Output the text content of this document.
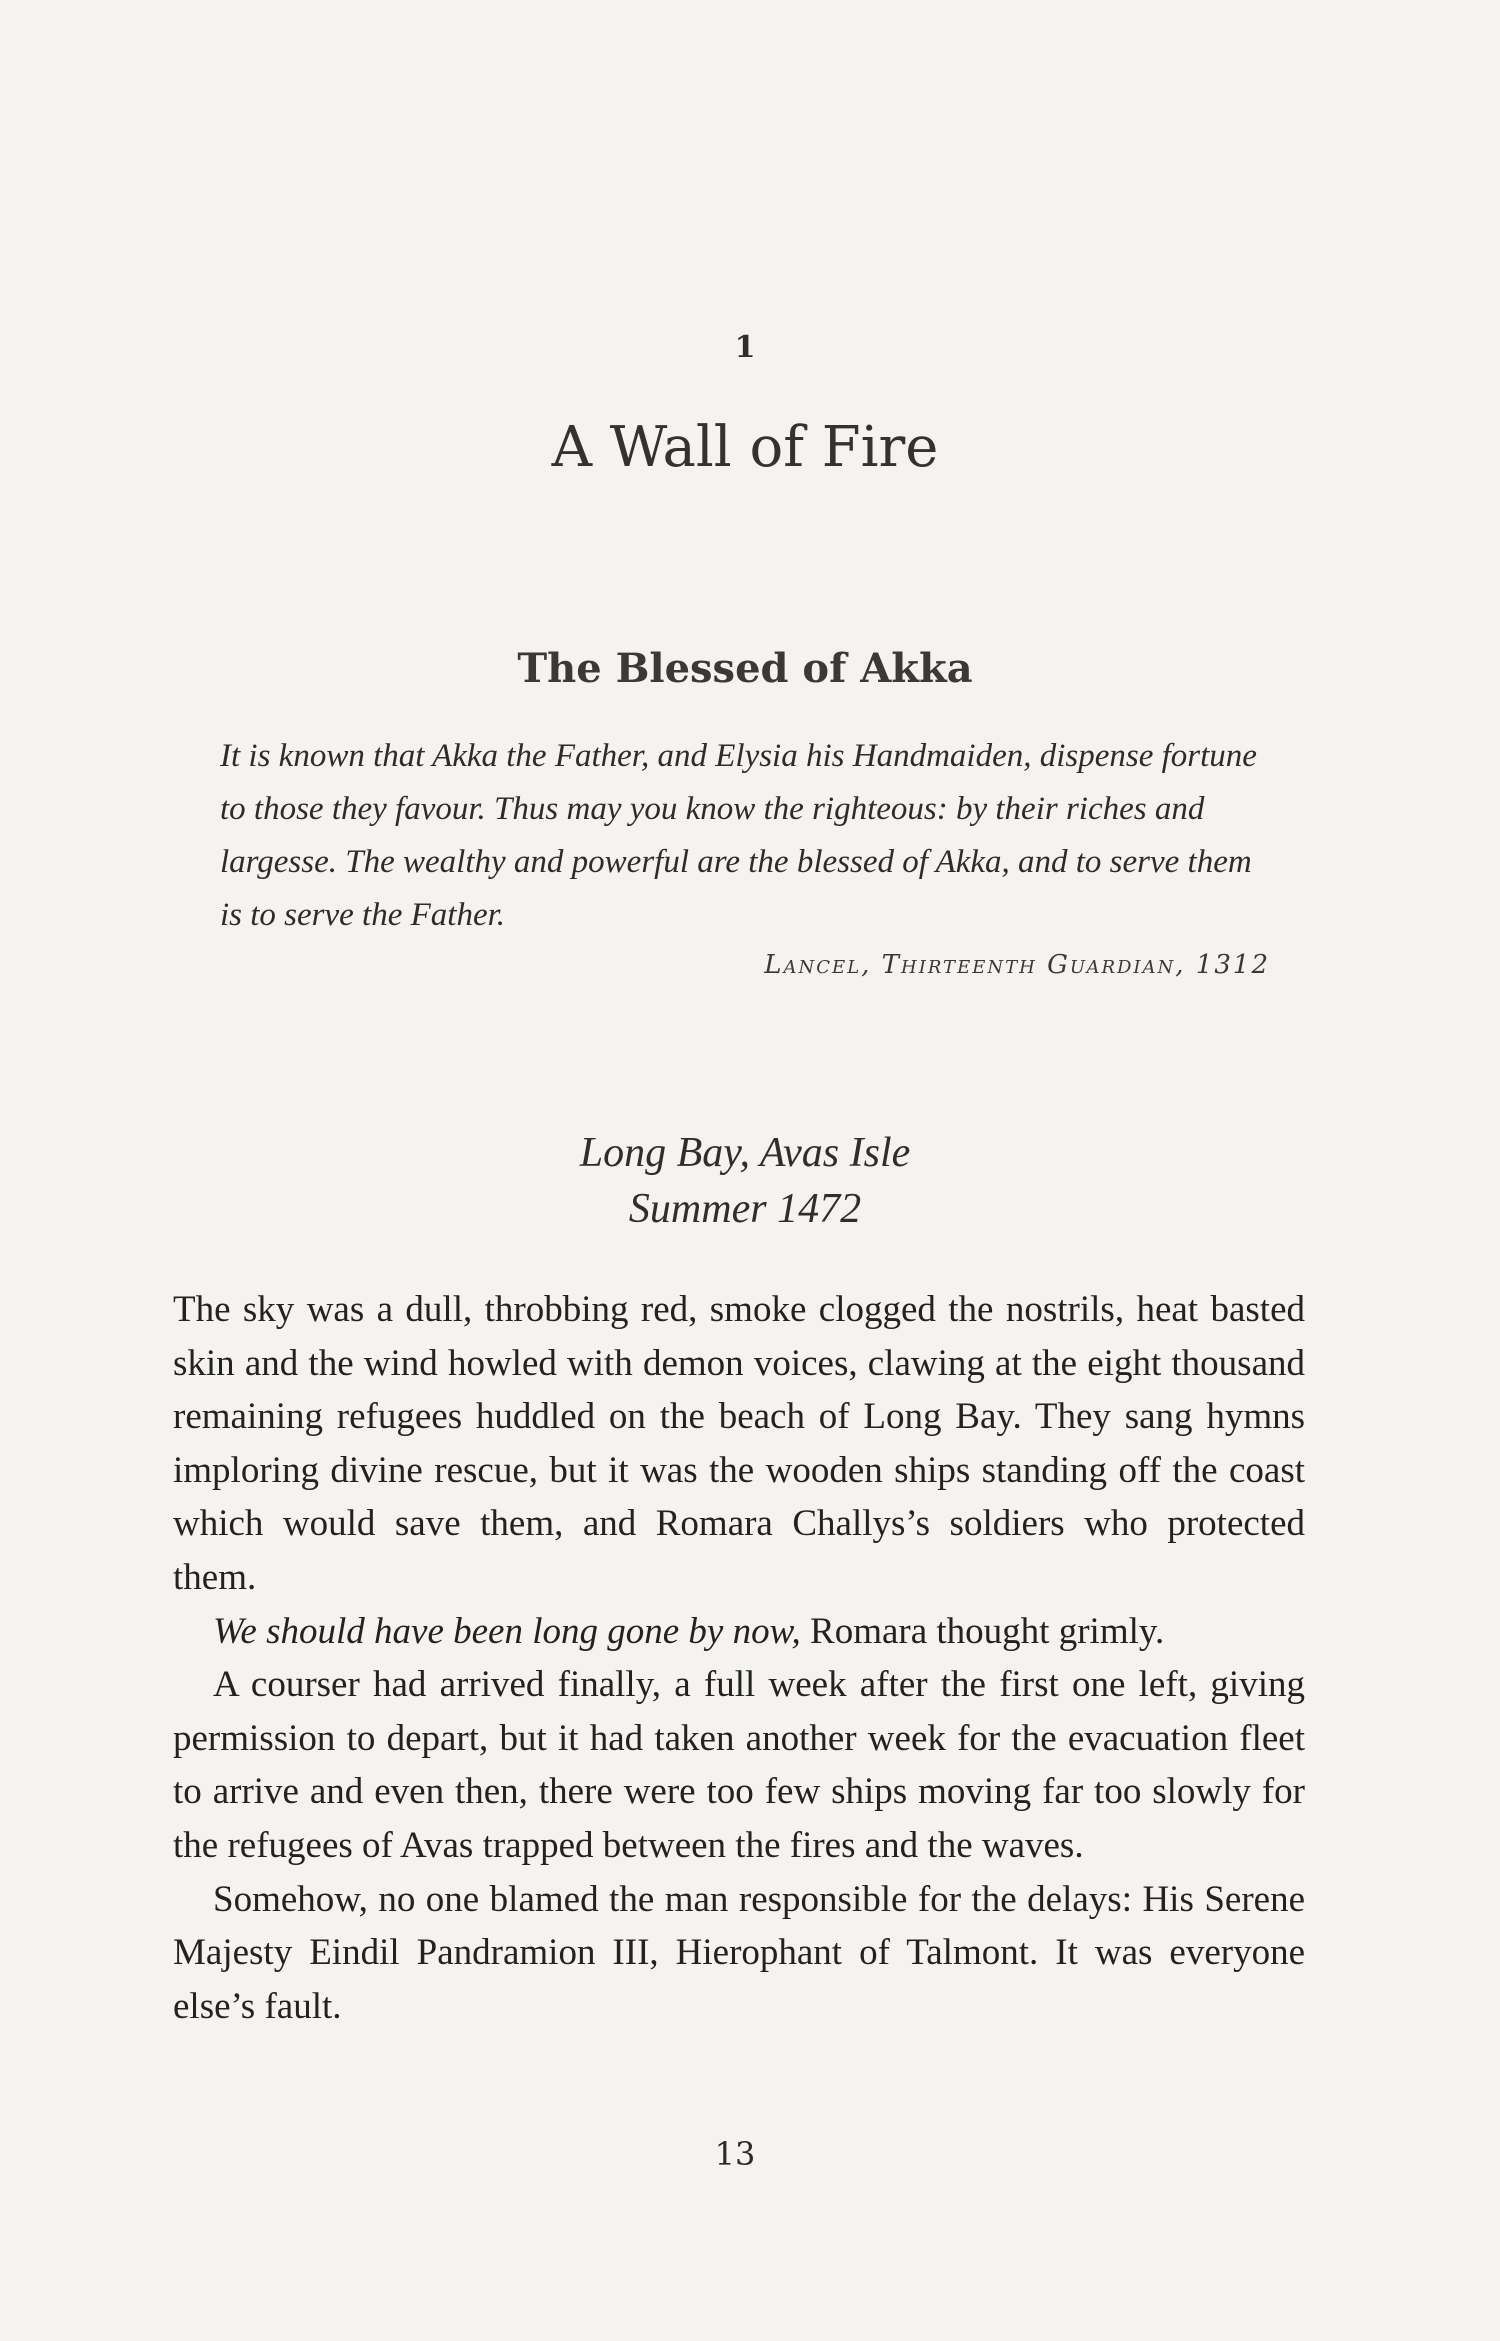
1
A Wall of Fire
The Blessed of Akka

It is known that Akka the Father, and Elysia his Handmaiden, dispense fortune to those they favour. Thus may you know the righteous: by their riches and largesse. The wealthy and powerful are the blessed of Akka, and to serve them is to serve the Father.

Lancel, Thirteenth Guardian, 1312
Long Bay, Avas Isle
Summer 1472

The sky was a dull, throbbing red, smoke clogged the nostrils, heat basted skin and the wind howled with demon voices, clawing at the eight thousand remaining refugees huddled on the beach of Long Bay. They sang hymns imploring divine rescue, but it was the wooden ships standing off the coast which would save them, and Romara Challys’s soldiers who protected them.

We should have been long gone by now, Romara thought grimly.

A courser had arrived finally, a full week after the first one left, giving permission to depart, but it had taken another week for the evacuation fleet to arrive and even then, there were too few ships moving far too slowly for the refugees of Avas trapped between the fires and the waves.

Somehow, no one blamed the man responsible for the delays: His Serene Majesty Eindil Pandramion III, Hierophant of Talmont. It was everyone else’s fault.

13
